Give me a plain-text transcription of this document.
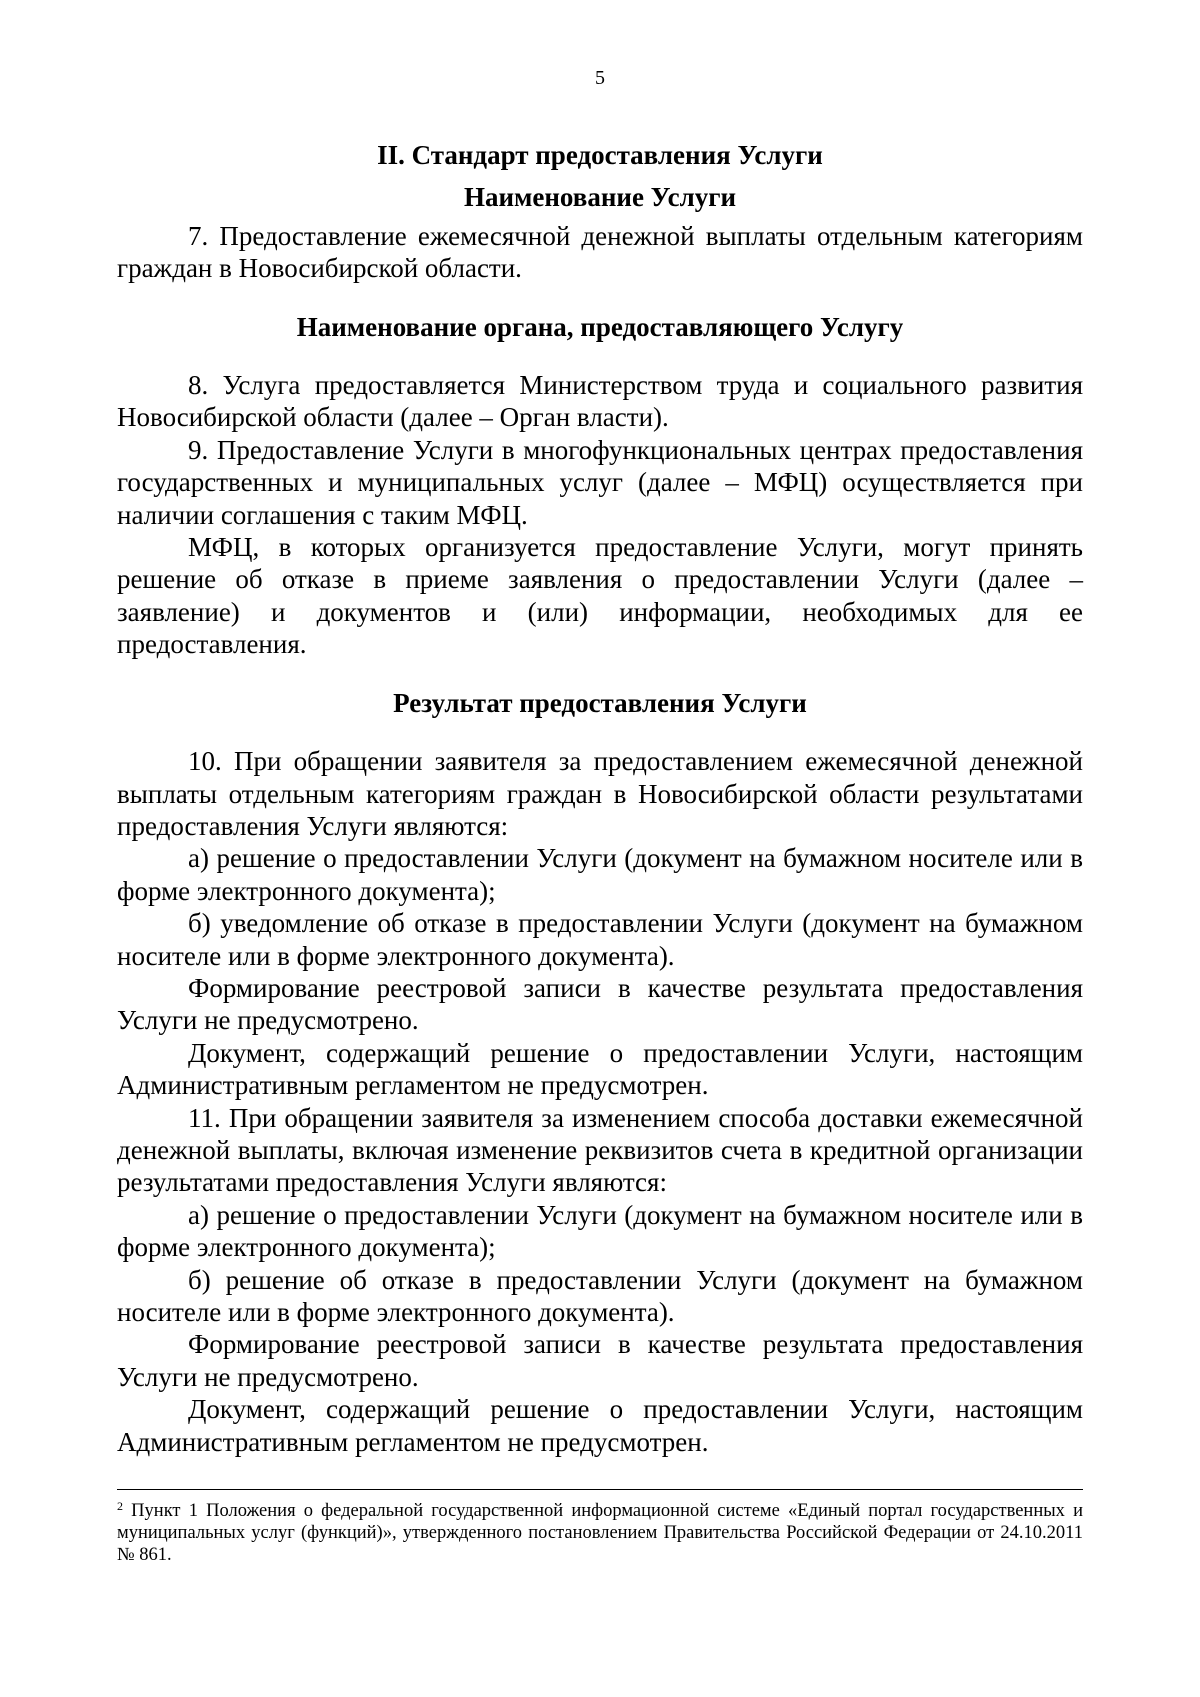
5
II. Стандарт предоставления Услуги
Наименование Услуги

7. Предоставление ежемесячной денежной выплаты отдельным категориям граждан в Новосибирской области.

Наименование органа, предоставляющего Услугу

8. Услуга предоставляется Министерством труда и социального развития Новосибирской области (далее – Орган власти).

9. Предоставление Услуги в многофункциональных центрах предоставления государственных и муниципальных услуг (далее – МФЦ) осуществляется при наличии соглашения с таким МФЦ.

МФЦ, в которых организуется предоставление Услуги, могут принять решение об отказе в приеме заявления о предоставлении Услуги (далее – заявление) и документов и (или) информации, необходимых для ее предоставления.

Результат предоставления Услуги

10. При обращении заявителя за предоставлением ежемесячной денежной выплаты отдельным категориям граждан в Новосибирской области результатами предоставления Услуги являются:

а) решение о предоставлении Услуги (документ на бумажном носителе или в форме электронного документа);

б) уведомление об отказе в предоставлении Услуги (документ на бумажном носителе или в форме электронного документа).

Формирование реестровой записи в качестве результата предоставления Услуги не предусмотрено.

Документ, содержащий решение о предоставлении Услуги, настоящим Административным регламентом не предусмотрен.

11. При обращении заявителя за изменением способа доставки ежемесячной денежной выплаты, включая изменение реквизитов счета в кредитной организации результатами предоставления Услуги являются:

а) решение о предоставлении Услуги (документ на бумажном носителе или в форме электронного документа);

б) решение об отказе в предоставлении Услуги (документ на бумажном носителе или в форме электронного документа).

Формирование реестровой записи в качестве результата предоставления Услуги не предусмотрено.

Документ, содержащий решение о предоставлении Услуги, настоящим Административным регламентом не предусмотрен.

$^2$ Пункт 1 Положения о федеральной государственной информационной системе «Единый портал государственных и муниципальных услуг (функций)», утвержденного постановлением Правительства Российской Федерации от 24.10.2011 № 861.
